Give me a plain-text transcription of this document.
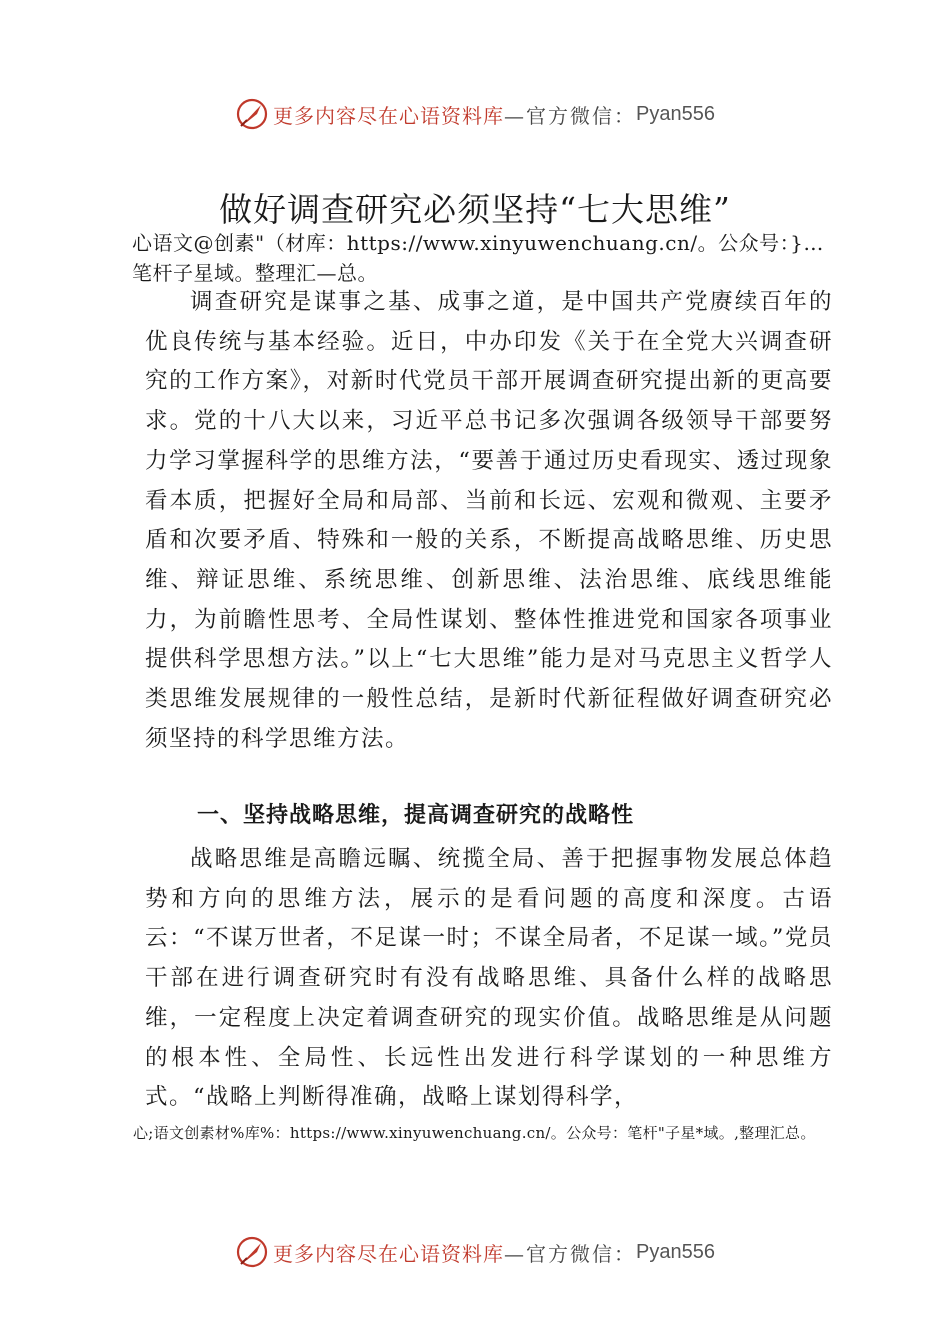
更多内容尽在心语资料库 —官方微信： Pyan556
做好调查研究必须坚持“七大思维”
心语文@创素"（材库：https://www.xinyuwenchuang.cn/。公众号：}…笔杆子星域。整理汇—总。

调查研究是谋事之基、成事之道，是中国共产党赓续百年的优良传统与基本经验。近日，中办印发《关于在全党大兴调查研究的工作方案》，对新时代党员干部开展调查研究提出新的更高要求。党的十八大以来，习近平总书记多次强调各级领导干部要努力学习掌握科学的思维方法，“要善于通过历史看现实、透过现象看本质，把握好全局和局部、当前和长远、宏观和微观、主要矛盾和次要矛盾、特殊和一般的关系，不断提高战略思维、历史思维、辩证思维、系统思维、创新思维、法治思维、底线思维能力，为前瞻性思考、全局性谋划、整体性推进党和国家各项事业提供科学思想方法。”以上“七大思维”能力是对马克思主义哲学人类思维发展规律的一般性总结，是新时代新征程做好调查研究必须坚持的科学思维方法。

一、坚持战略思维，提高调查研究的战略性

战略思维是高瞻远瞩、统揽全局、善于把握事物发展总体趋势和方向的思维方法，展示的是看问题的高度和深度。古语云：“不谋万世者，不足谋一时；不谋全局者，不足谋一域。”党员干部在进行调查研究时有没有战略思维、具备什么样的战略思维，一定程度上决定着调查研究的现实价值。战略思维是从问题的根本性、全局性、长远性出发进行科学谋划的一种思维方式。“战略上判断得准确，战略上谋划得科学，

心;语文创素材%库%：https://www.xinyuwenchuang.cn/。公众号：笔杆"子星*域。,整理汇总。
更多内容尽在心语资料库 —官方微信： Pyan556
